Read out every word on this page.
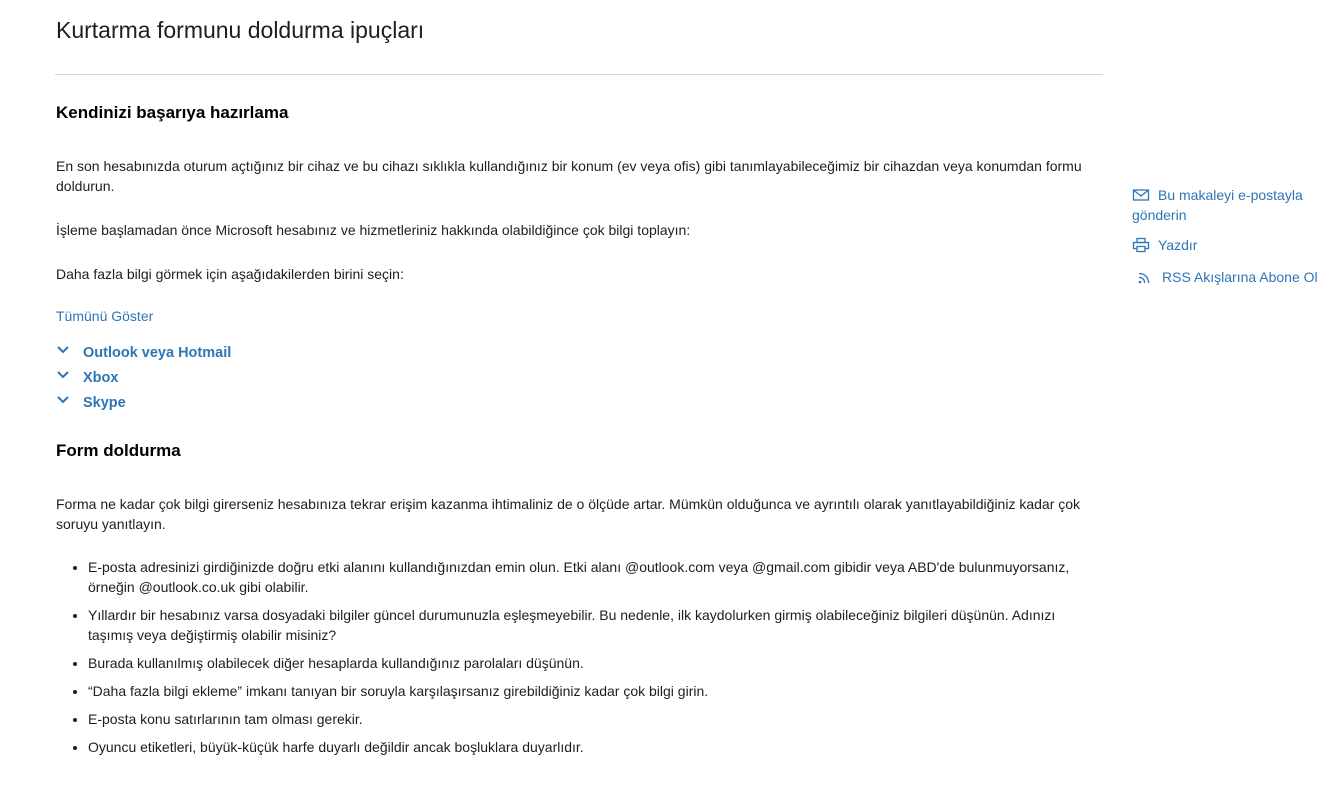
Kurtarma formunu doldurma ipuçları
Kendinizi başarıya hazırlama

En son hesabınızda oturum açtığınız bir cihaz ve bu cihazı sıklıkla kullandığınız bir konum (ev veya ofis) gibi tanımlayabileceğimiz bir cihazdan veya konumdan formu doldurun.

İşleme başlamadan önce Microsoft hesabınız ve hizmetleriniz hakkında olabildiğince çok bilgi toplayın:

Daha fazla bilgi görmek için aşağıdakilerden birini seçin:

Tümünü Göster
Outlook veya Hotmail
Xbox
Skype
Form doldurma

Forma ne kadar çok bilgi girerseniz hesabınıza tekrar erişim kazanma ihtimaliniz de o ölçüde artar. Mümkün olduğunca ve ayrıntılı olarak yanıtlayabildiğiniz kadar çok soruyu yanıtlayın.

• E-posta adresinizi girdiğinizde doğru etki alanını kullandığınızdan emin olun. Etki alanı @outlook.com veya @gmail.com gibidir veya ABD'de bulunmuyorsanız, örneğin @outlook.co.uk gibi olabilir.
• Yıllardır bir hesabınız varsa dosyadaki bilgiler güncel durumunuzla eşleşmeyebilir. Bu nedenle, ilk kaydolurken girmiş olabileceğiniz bilgileri düşünün. Adınızı taşımış veya değiştirmiş olabilir misiniz?
• Burada kullanılmış olabilecek diğer hesaplarda kullandığınız parolaları düşünün.
• “Daha fazla bilgi ekleme” imkanı tanıyan bir soruyla karşılaşırsanız girebildiğiniz kadar çok bilgi girin.
• E-posta konu satırlarının tam olması gerekir.
• Oyuncu etiketleri, büyük-küçük harfe duyarlı değildir ancak boşluklara duyarlıdır.
Bu makaleyi e-postayla
gönderin
Yazdır
RSS Akışlarına Abone Ol
